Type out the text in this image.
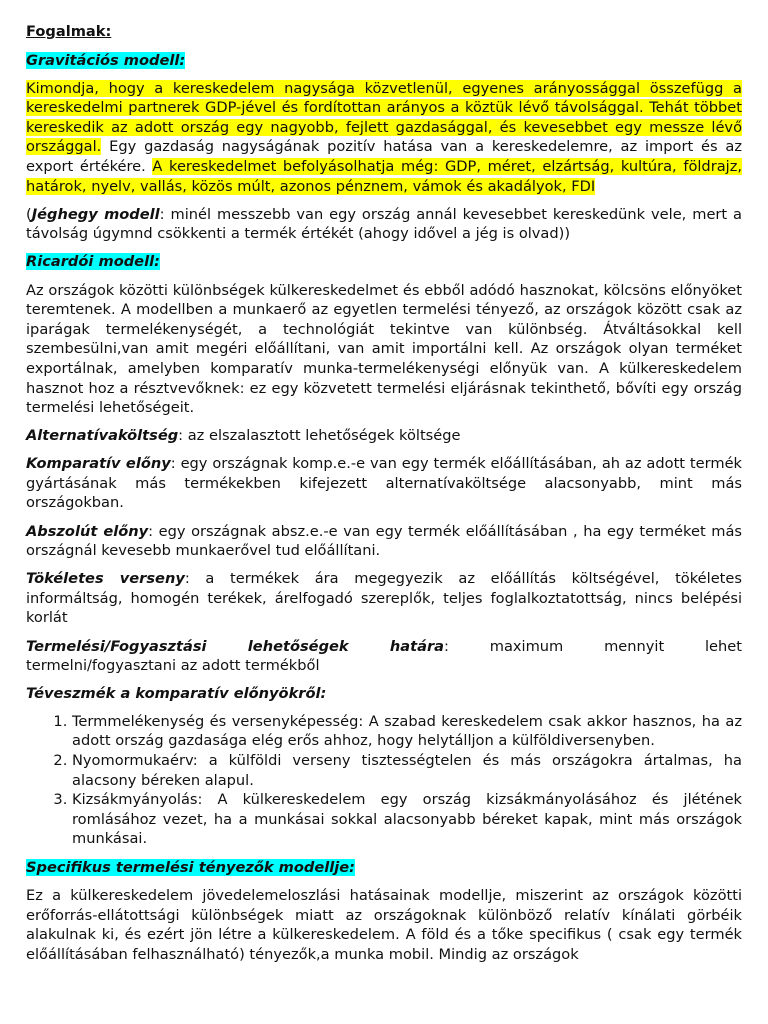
Fogalmak:

Gravitációs modell:

Kimondja, hogy a kereskedelem nagysága közvetlenül, egyenes arányossággal összefügg a kereskedelmi partnerek GDP-jével és fordítottan arányos a köztük lévő távolsággal. Tehát többet kereskedik az adott ország egy nagyobb, fejlett gazdasággal, és kevesebbet egy messze lévő országgal. Egy gazdaság nagyságának pozitív hatása van a kereskedelemre, az import és az export értékére. A kereskedelmet befolyásolhatja még: GDP, méret, elzártság, kultúra, földrajz, határok, nyelv, vallás, közös múlt, azonos pénznem, vámok és akadályok, FDI

(Jéghegy modell: minél messzebb van egy ország annál kevesebbet kereskedünk vele, mert a távolság úgymnd csökkenti a termék értékét (ahogy idővel a jég is olvad))

Ricardói modell:

Az országok közötti különbségek külkereskedelmet és ebből adódó hasznokat, kölcsöns előnyöket teremtenek. A modellben a munkaerő az egyetlen termelési tényező, az országok között csak az iparágak termelékenységét, a technológiát tekintve van különbség. Átváltásokkal kell szembesülni,van amit megéri előállítani, van amit importálni kell. Az országok olyan terméket exportálnak, amelyben komparatív munka-termelékenységi előnyük van. A külkereskedelem hasznot hoz a résztvevőknek: ez egy közvetett termelési eljárásnak tekinthető, bővíti egy ország termelési lehetőségeit.

Alternatívaköltség: az elszalasztott lehetőségek költsége

Komparatív előny: egy országnak komp.e.-e van egy termék előállításában, ah az adott termék gyártásának más termékekben kifejezett alternatívaköltsége alacsonyabb, mint más országokban.

Abszolút előny: egy országnak absz.e.-e van egy termék előállításában , ha egy terméket más országnál kevesebb munkaerővel tud előállítani.

Tökéletes verseny: a termékek ára megegyezik az előállítás költségével, tökéletes informáltság, homogén terékek, árelfogadó szereplők, teljes foglalkoztatottság, nincs belépési korlát

Termelési/Fogyasztási lehetőségek határa: maximum mennyit lehet

termelni/fogyasztani az adott termékből

Téveszmék a komparatív előnyökről:

1. Termmelékenység és versenyképesség: A szabad kereskedelem csak akkor hasznos, ha az adott ország gazdasága elég erős ahhoz, hogy helytálljon a külföldiversenyben.
2. Nyomormukaérv: a külföldi verseny tisztességtelen és más országokra ártalmas, ha alacsony béreken alapul.
3. Kizsákmyányolás: A külkereskedelem egy ország kizsákmányolásához és jlétének romlásához vezet, ha a munkásai sokkal alacsonyabb béreket kapak, mint más országok munkásai.

Specifikus termelési tényezők modellje:

Ez a külkereskedelem jövedelemeloszlási hatásainak modellje, miszerint az országok közötti erőforrás-ellátottsági különbségek miatt az országoknak különböző relatív kínálati görbéik alakulnak ki, és ezért jön létre a külkereskedelem. A föld és a tőke specifikus ( csak egy termék előállításában felhasználható) tényezők,a munka mobil. Mindig az országok
